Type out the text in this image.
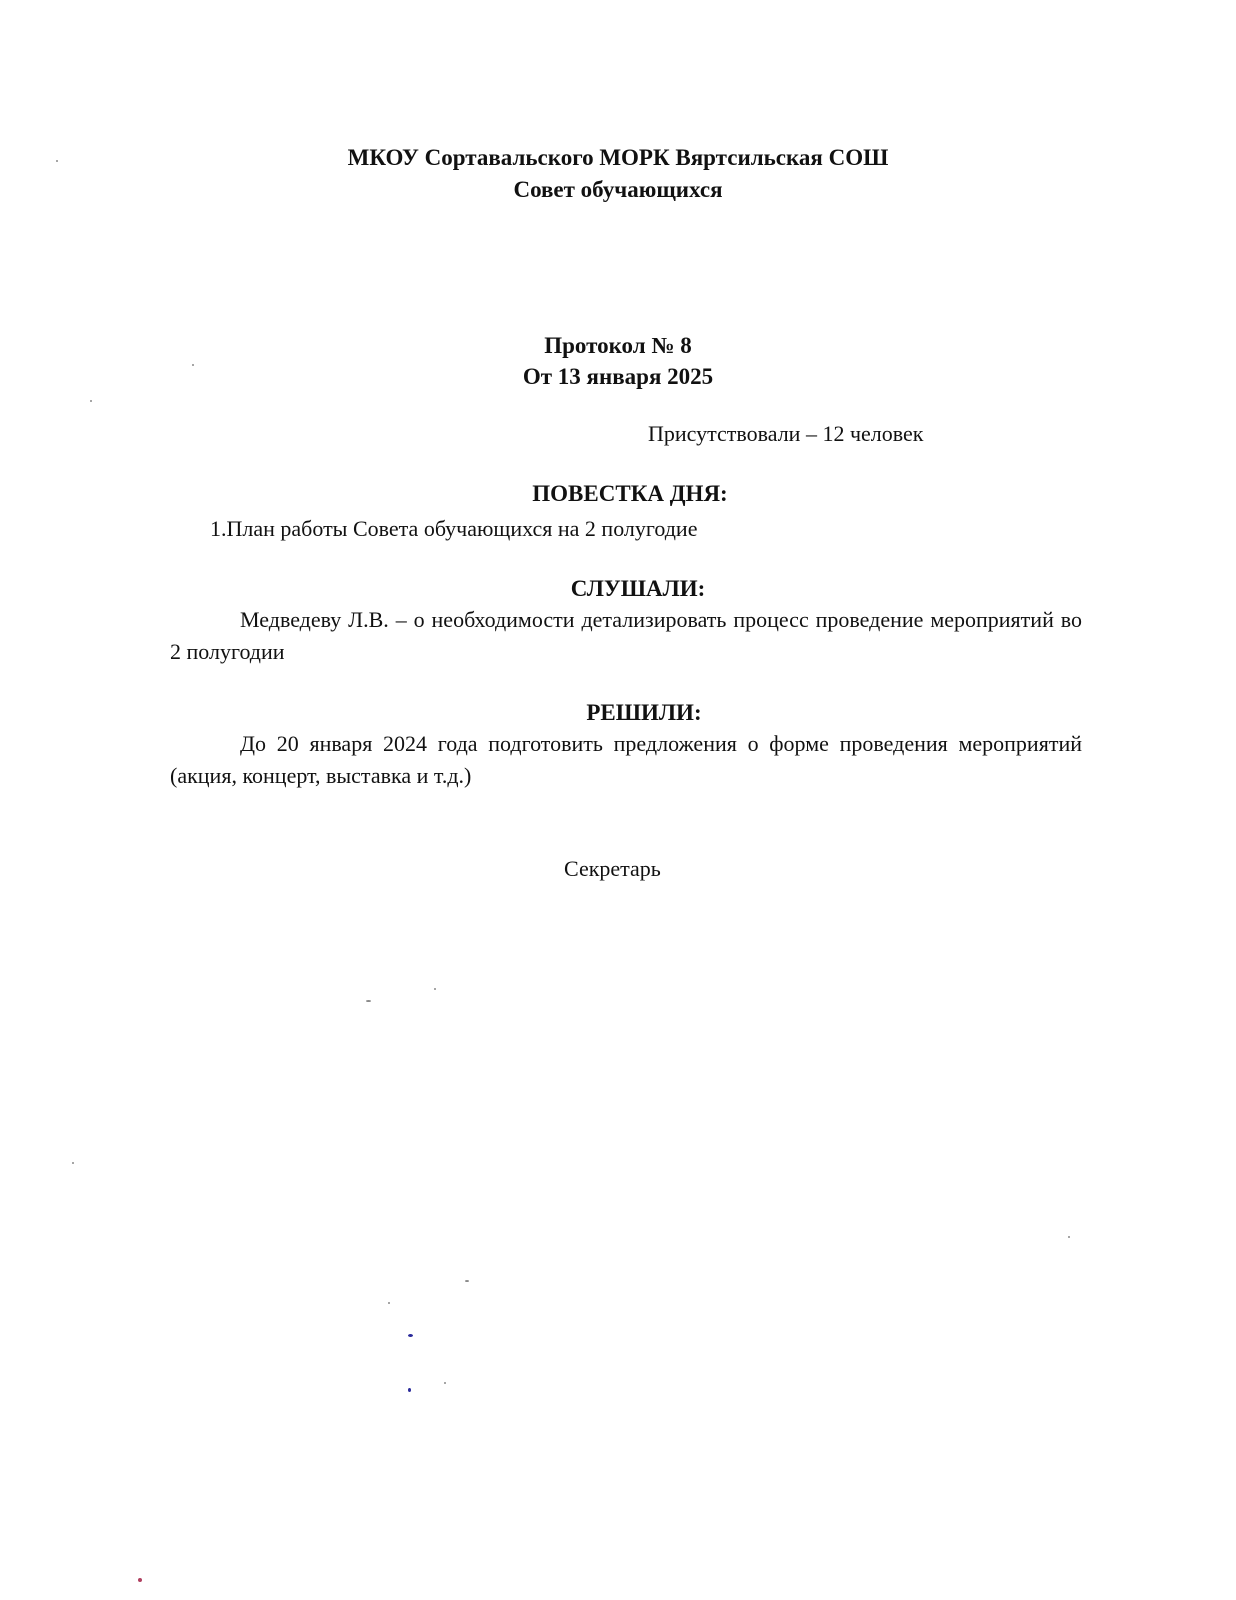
МКОУ Сортавальского МОРК Вяртсильская СОШ
Совет обучающихся
Протокол № 8
От 13 января 2025
Присутствовали – 12 человек
ПОВЕСТКА ДНЯ:
1.План работы Совета обучающихся на 2 полугодие
СЛУШАЛИ:
Медведеву Л.В. – о необходимости детализировать процесс проведение мероприятий во 2 полугодии
РЕШИЛИ:
До 20 января 2024 года подготовить предложения о форме проведения мероприятий (акция, концерт, выставка и т.д.)
Секретарь
